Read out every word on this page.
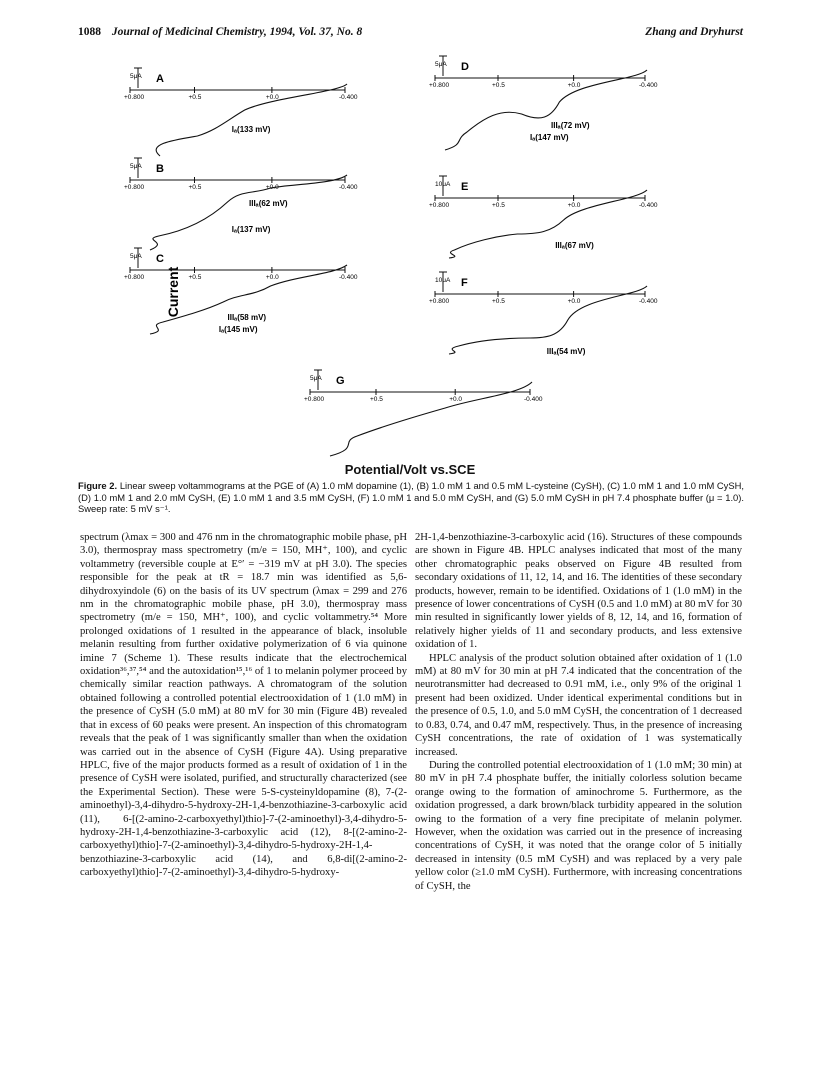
1088 Journal of Medicinal Chemistry, 1994, Vol. 37, No. 8	Zhang and Dryhurst
Current
5μA A
+0.800	+0.5	+0.0	-0.400
Iₐ(133 mV)
5μA B
+0.800	+0.5	+0.0	-0.400
IIIₐ(62 mV)
Iₐ(137 mV)
5μA C
+0.800	+0.5	+0.0	-0.400
IIIₐ(58 mV)
Iₐ(145 mV)
5μA D
+0.800	+0.5	+0.0	-0.400
IIIₐ(72 mV)
Iₐ(147 mV)
10μA E
+0.800	+0.5	+0.0	-0.400
IIIₐ(67 mV)
10μA F
+0.800	+0.5	+0.0	-0.400
IIIₐ(54 mV)
5μA G
+0.800	+0.5	+0.0	-0.400
Potential/Volt vs.SCE
Figure 2. Linear sweep voltammograms at the PGE of (A) 1.0 mM dopamine (1), (B) 1.0 mM 1 and 0.5 mM L-cysteine (CySH), (C) 1.0 mM 1 and 1.0 mM CySH, (D) 1.0 mM 1 and 2.0 mM CySH, (E) 1.0 mM 1 and 3.5 mM CySH, (F) 1.0 mM 1 and 5.0 mM CySH, and (G) 5.0 mM CySH in pH 7.4 phosphate buffer (μ = 1.0). Sweep rate: 5 mV s⁻¹.

spectrum (λmax = 300 and 476 nm in the chromatographic mobile phase, pH 3.0), thermospray mass spectrometry (m/e = 150, MH⁺, 100), and cyclic voltammetry (reversible couple at E°′ = −319 mV at pH 3.0). The species responsible for the peak at tR = 18.7 min was identified as 5,6-dihydroxyindole (6) on the basis of its UV spectrum (λmax = 299 and 276 nm in the chromatographic mobile phase, pH 3.0), thermospray mass spectrometry (m/e = 150, MH⁺, 100), and cyclic voltammetry.⁵⁴ More prolonged oxidations of 1 resulted in the appearance of black, insoluble melanin resulting from further oxidative polymerization of 6 via quinone imine 7 (Scheme 1). These results indicate that the electrochemical oxidation³⁶,³⁷,⁵⁴ and the autoxidation¹⁵,¹⁶ of 1 to melanin polymer proceed by chemically similar reaction pathways. A chromatogram of the solution obtained following a controlled potential electrooxidation of 1 (1.0 mM) in the presence of CySH (5.0 mM) at 80 mV for 30 min (Figure 4B) revealed that in excess of 60 peaks were present. An inspection of this chromatogram reveals that the peak of 1 was significantly smaller than when the oxidation was carried out in the absence of CySH (Figure 4A). Using preparative HPLC, five of the major products formed as a result of oxidation of 1 in the presence of CySH were isolated, purified, and structurally characterized (see the Experimental Section). These were 5-S-cysteinyldopamine (8), 7-(2-aminoethyl)-3,4-dihydro-5-hydroxy-2H-1,4-benzothiazine-3-carboxylic acid (11), 6-[(2-amino-2-carboxyethyl)thio]-7-(2-aminoethyl)-3,4-dihydro-5-hydroxy-2H-1,4-benzothiazine-3-carboxylic acid (12), 8-[(2-amino-2-carboxyethyl)thio]-7-(2-aminoethyl)-3,4-dihydro-5-hydroxy-2H-1,4-benzothiazine-3-carboxylic acid (14), and 6,8-di[(2-amino-2-carboxyethyl)thio]-7-(2-aminoethyl)-3,4-dihydro-5-hydroxy-

2H-1,4-benzothiazine-3-carboxylic acid (16). Structures of these compounds are shown in Figure 4B. HPLC analyses indicated that most of the many other chromatographic peaks observed on Figure 4B resulted from secondary oxidations of 11, 12, 14, and 16. The identities of these secondary products, however, remain to be identified. Oxidations of 1 (1.0 mM) in the presence of lower concentrations of CySH (0.5 and 1.0 mM) at 80 mV for 30 min resulted in significantly lower yields of 8, 12, 14, and 16, formation of relatively higher yields of 11 and secondary products, and less extensive oxidation of 1.

HPLC analysis of the product solution obtained after oxidation of 1 (1.0 mM) at 80 mV for 30 min at pH 7.4 indicated that the concentration of the neurotransmitter had decreased to 0.91 mM, i.e., only 9% of the original 1 present had been oxidized. Under identical experimental conditions but in the presence of 0.5, 1.0, and 5.0 mM CySH, the concentration of 1 decreased to 0.83, 0.74, and 0.47 mM, respectively. Thus, in the presence of increasing CySH concentrations, the rate of oxidation of 1 was systematically increased.

During the controlled potential electrooxidation of 1 (1.0 mM; 30 min) at 80 mV in pH 7.4 phosphate buffer, the initially colorless solution became orange owing to the formation of aminochrome 5. Furthermore, as the oxidation progressed, a dark brown/black turbidity appeared in the solution owing to the formation of a very fine precipitate of melanin polymer. However, when the oxidation was carried out in the presence of increasing concentrations of CySH, it was noted that the orange color of 5 initially decreased in intensity (0.5 mM CySH) and was replaced by a very pale yellow color (≥1.0 mM CySH). Furthermore, with increasing concentrations of CySH, the
